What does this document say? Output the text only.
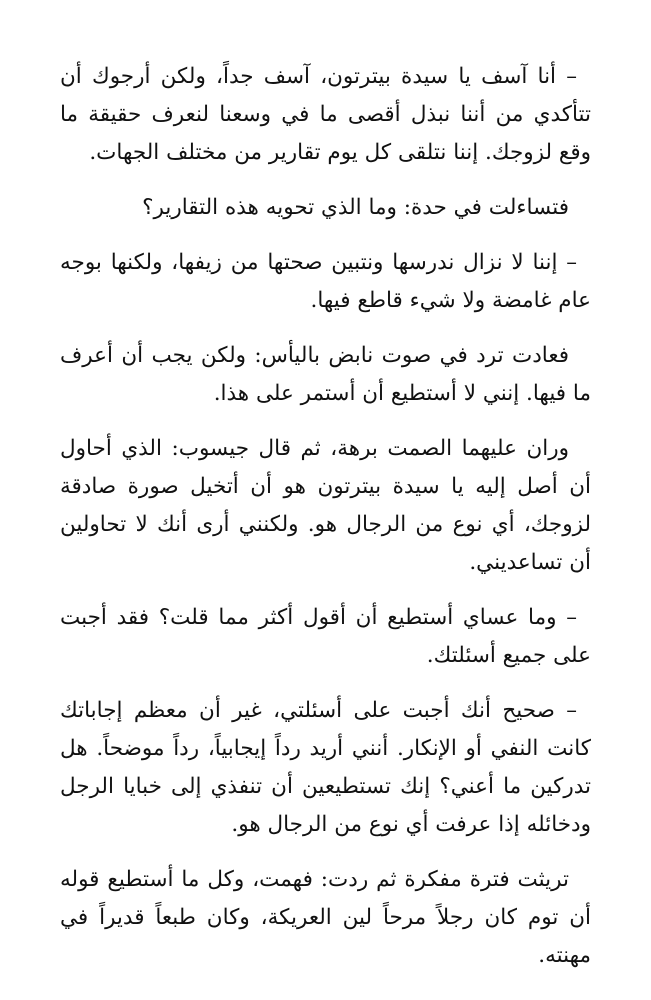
– أنا آسف يا سيدة بيترتون، آسف جداً، ولكن أرجوك أن تتأكدي من أننا نبذل أقصى ما في وسعنا لنعرف حقيقة ما وقع لزوجك. إننا نتلقى كل يوم تقارير من مختلف الجهات.

فتساءلت في حدة: وما الذي تحويه هذه التقارير؟

– إننا لا نزال ندرسها ونتبين صحتها من زيفها، ولكنها بوجه عام غامضة ولا شيء قاطع فيها.

فعادت ترد في صوت نابض باليأس: ولكن يجب أن أعرف ما فيها. إنني لا أستطيع أن أستمر على هذا.

وران عليهما الصمت برهة، ثم قال جيسوب: الذي أحاول أن أصل إليه يا سيدة بيترتون هو أن أتخيل صورة صادقة لزوجك، أي نوع من الرجال هو. ولكنني أرى أنك لا تحاولين أن تساعديني.

– وما عساي أستطيع أن أقول أكثر مما قلت؟ فقد أجبت على جميع أسئلتك.

– صحيح أنك أجبت على أسئلتي، غير أن معظم إجاباتك كانت النفي أو الإنكار. أنني أريد رداً إيجابياً، رداً موضحاً. هل تدركين ما أعني؟ إنك تستطيعين أن تنفذي إلى خبايا الرجل ودخائله إذا عرفت أي نوع من الرجال هو.

تريثت فترة مفكرة ثم ردت: فهمت، وكل ما أستطيع قوله أن توم كان رجلاً مرحاً لين العريكة، وكان طبعاً قديراً في مهنته.
